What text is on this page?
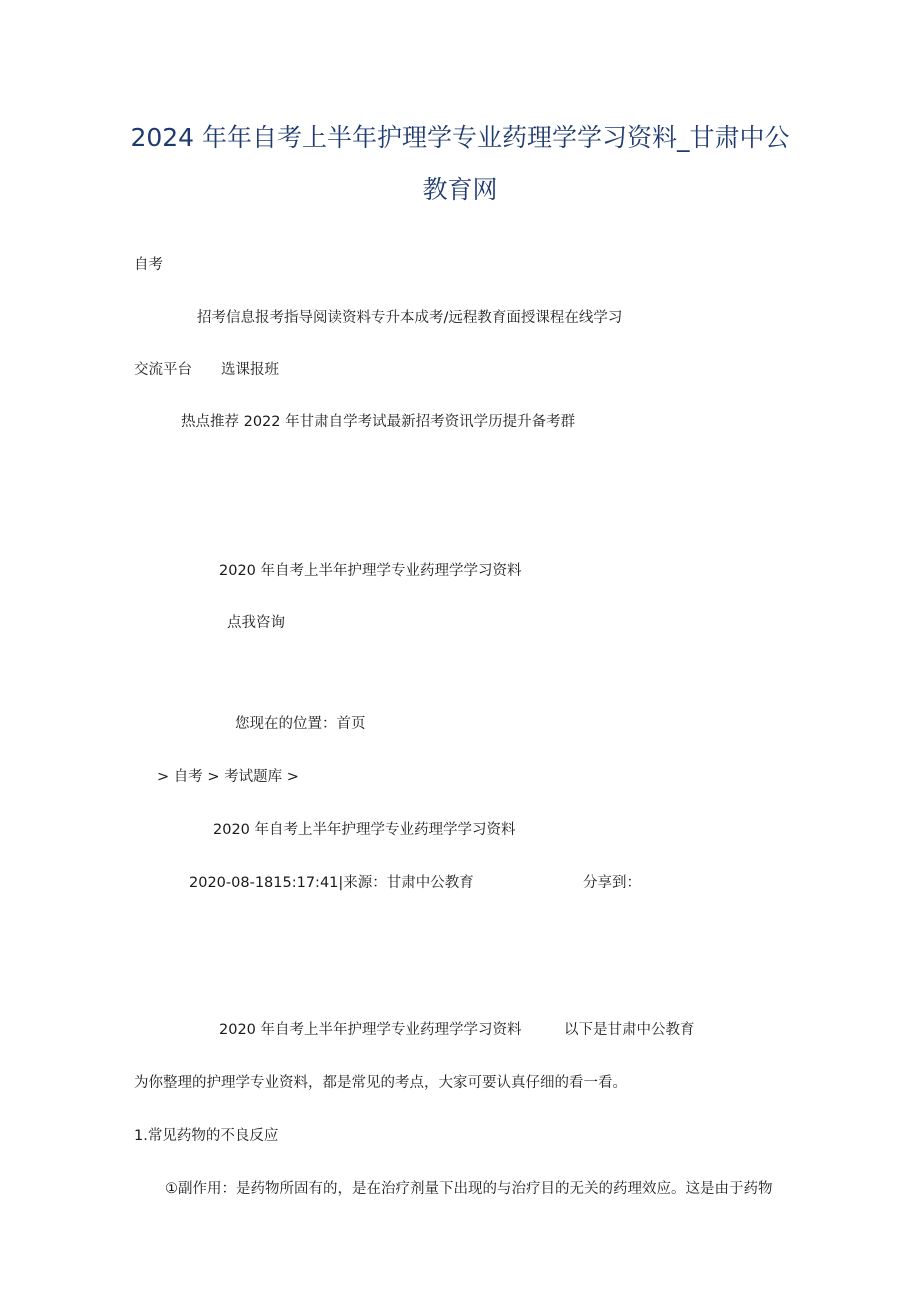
2024 年年自考上半年护理学专业药理学学习资料_甘肃中公教育网

自考

招考信息报考指导阅读资料专升本成考/远程教育面授课程在线学习

交流平台 选课报班

热点推荐 2022 年甘肃自学考试最新招考资讯学历提升备考群

2020 年自考上半年护理学专业药理学学习资料

点我咨询

您现在的位置：首页

> 自考 > 考试题库 >

2020 年自考上半年护理学专业药理学学习资料

2020-08-1815:17:41|来源：甘肃中公教育	分享到：

2020 年自考上半年护理学专业药理学学习资料	以下是甘肃中公教育

为你整理的护理学专业资料，都是常见的考点，大家可要认真仔细的看一看。

1.常见药物的不良反应

①副作用：是药物所固有的，是在治疗剂量下出现的与治疗目的无关的药理效应。这是由于药物
